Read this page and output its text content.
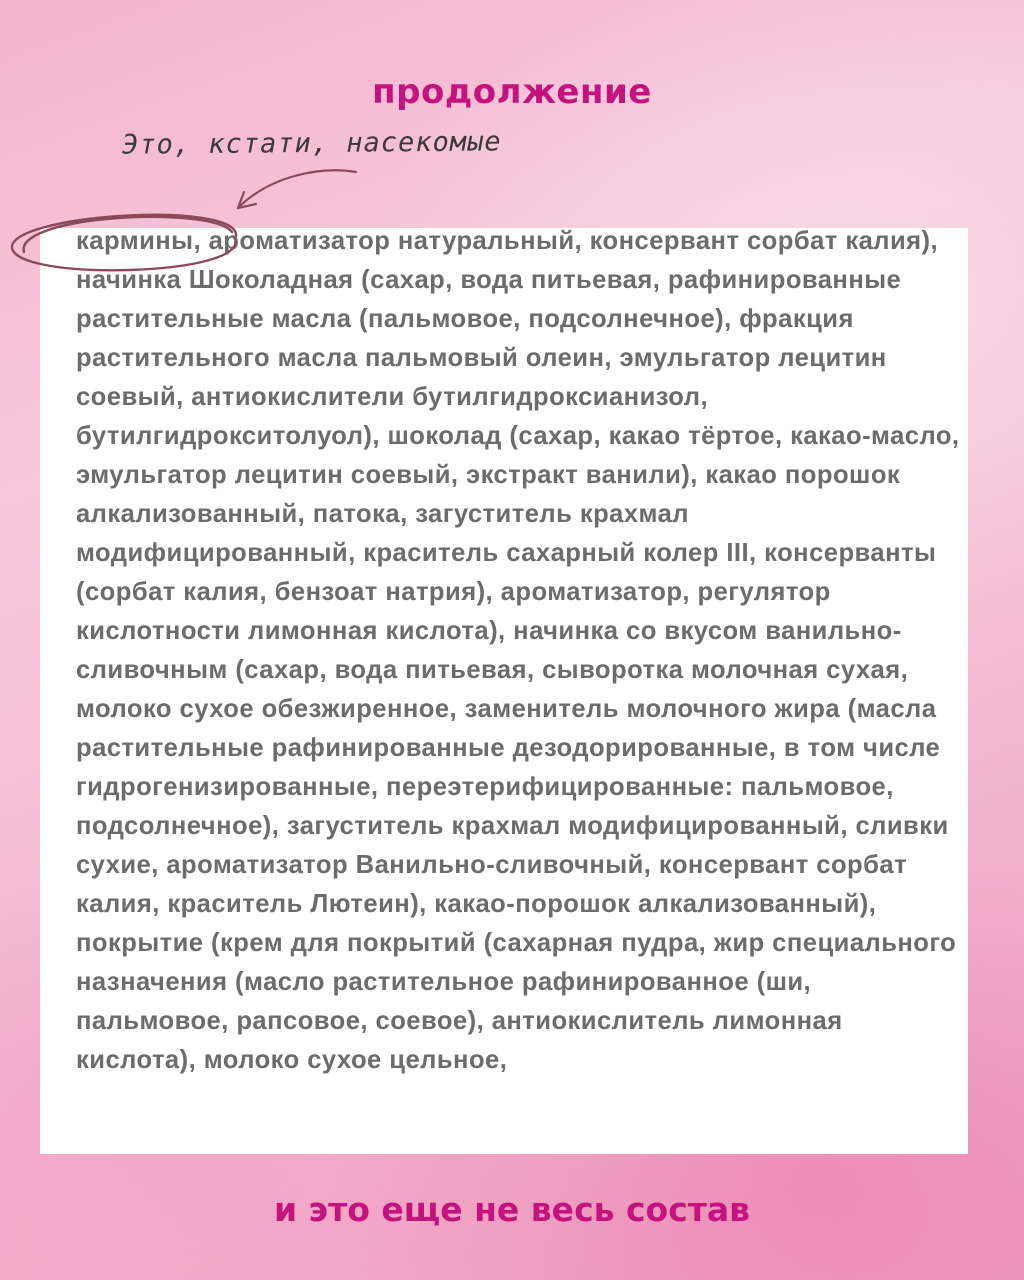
продолжение
Это, кстати, насекомые

кармины, ароматизатор натуральный, консервант сорбат калия), начинка Шоколадная (сахар, вода питьевая, рафинированные растительные масла (пальмовое, подсолнечное), фракция растительного масла пальмовый олеин, эмульгатор лецитин соевый, антиокислители бутилгидроксианизол, бутилгидрокситолуол), шоколад (сахар, какао тёртое, какао-масло, эмульгатор лецитин соевый, экстракт ванили), какао порошок алкализованный, патока, загуститель крахмал модифицированный, краситель сахарный колер III, консерванты (сорбат калия, бензоат натрия), ароматизатор, регулятор кислотности лимонная кислота), начинка со вкусом ванильно-сливочным (сахар, вода питьевая, сыворотка молочная сухая, молоко сухое обезжиренное, заменитель молочного жира (масла растительные рафинированные дезодорированные, в том числе гидрогенизированные, переэтерифицированные: пальмовое, подсолнечное), загуститель крахмал модифицированный, сливки сухие, ароматизатор Ванильно-сливочный, консервант сорбат калия, краситель Лютеин), какао-порошок алкализованный), покрытие (крем для покрытий (сахарная пудра, жир специального назначения (масло растительное рафинированное (ши, пальмовое, рапсовое, соевое), антиокислитель лимонная кислота), молоко сухое цельное,

и это еще не весь состав
